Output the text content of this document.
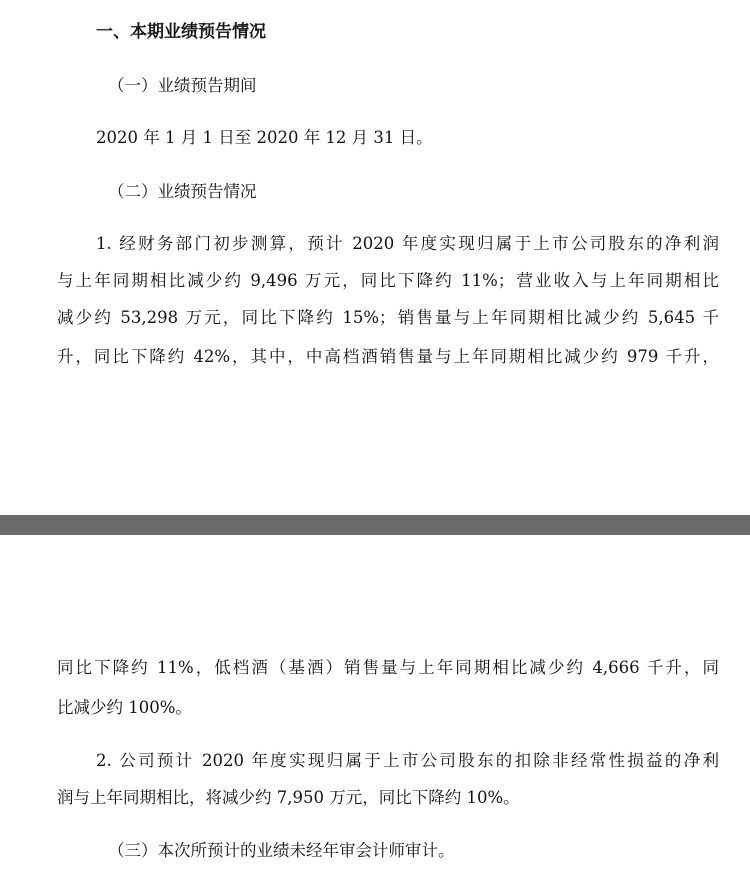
一、本期业绩预告情况
（一）业绩预告期间
2020 年 1 月 1 日至 2020 年 12 月 31 日。
（二）业绩预告情况
1. 经财务部门初步测算，预计 2020 年度实现归属于上市公司股东的净利润
与上年同期相比减少约 9,496 万元，同比下降约 11%；营业收入与上年同期相比
减少约 53,298 万元，同比下降约 15%；销售量与上年同期相比减少约 5,645 千
升，同比下降约 42%，其中，中高档酒销售量与上年同期相比减少约 979 千升，
同比下降约 11%，低档酒（基酒）销售量与上年同期相比减少约 4,666 千升，同
比减少约 100%。
2. 公司预计 2020 年度实现归属于上市公司股东的扣除非经常性损益的净利
润与上年同期相比，将减少约 7,950 万元，同比下降约 10%。
（三）本次所预计的业绩未经年审会计师审计。
